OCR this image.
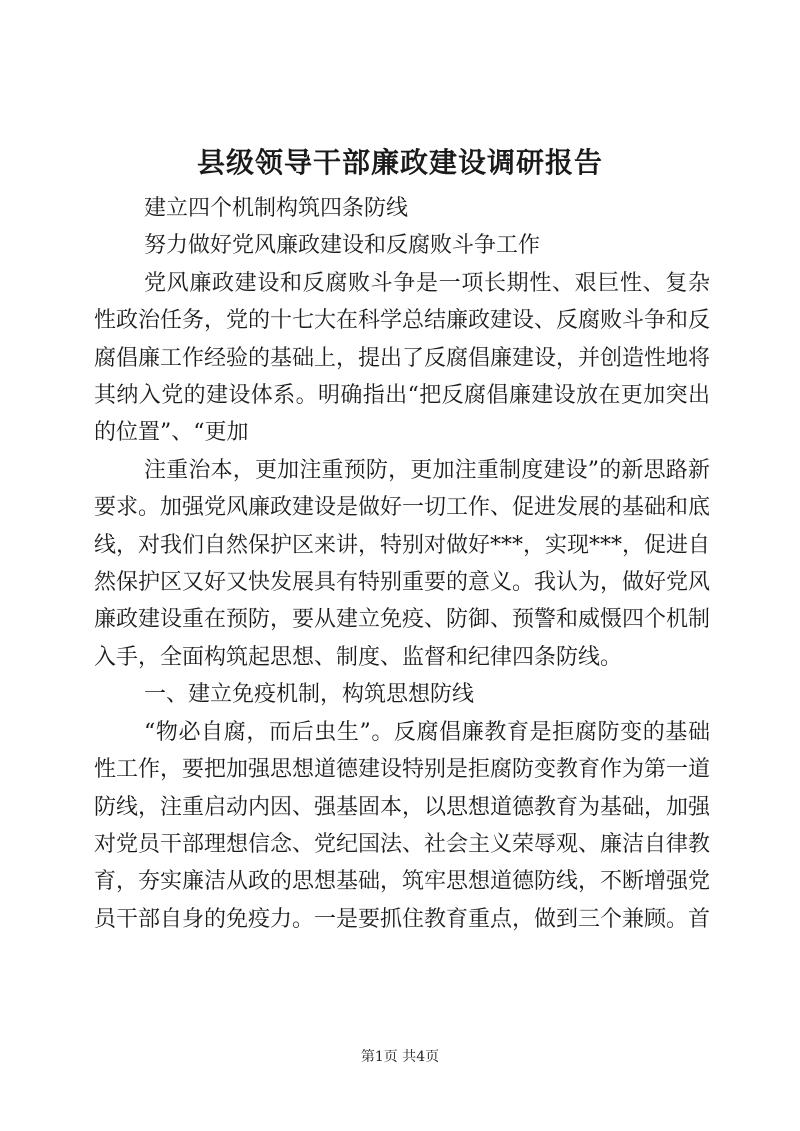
县级领导干部廉政建设调研报告

建立四个机制构筑四条防线

努力做好党风廉政建设和反腐败斗争工作

党风廉政建设和反腐败斗争是一项长期性、艰巨性、复杂性政治任务，党的十七大在科学总结廉政建设、反腐败斗争和反腐倡廉工作经验的基础上，提出了反腐倡廉建设，并创造性地将其纳入党的建设体系。明确指出“把反腐倡廉建设放在更加突出的位置”、“更加

注重治本，更加注重预防，更加注重制度建设”的新思路新要求。加强党风廉政建设是做好一切工作、促进发展的基础和底线，对我们自然保护区来讲，特别对做好***，实现***，促进自然保护区又好又快发展具有特别重要的意义。我认为，做好党风廉政建设重在预防，要从建立免疫、防御、预警和威慑四个机制入手，全面构筑起思想、制度、监督和纪律四条防线。

一、建立免疫机制，构筑思想防线

“物必自腐，而后虫生”。反腐倡廉教育是拒腐防变的基础性工作，要把加强思想道德建设特别是拒腐防变教育作为第一道防线，注重启动内因、强基固本，以思想道德教育为基础，加强对党员干部理想信念、党纪国法、社会主义荣辱观、廉洁自律教育，夯实廉洁从政的思想基础，筑牢思想道德防线，不断增强党员干部自身的免疫力。一是要抓住教育重点，做到三个兼顾。首

第1页 共4页
